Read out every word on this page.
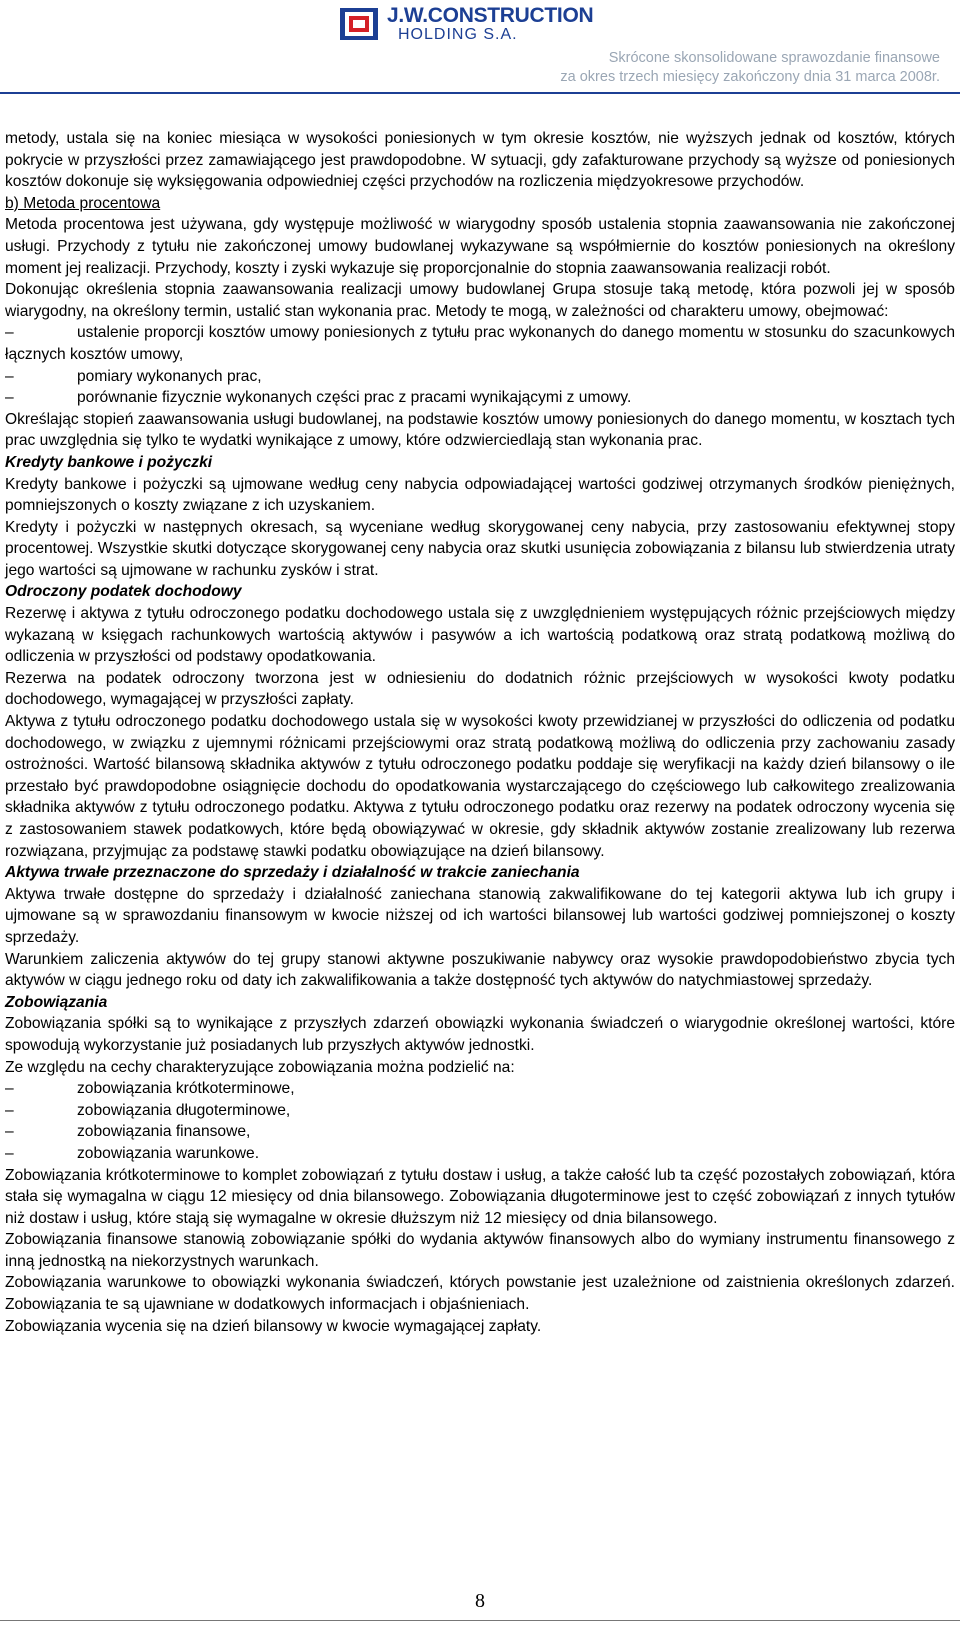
J.W.CONSTRUCTION
HOLDING S.A.
Skrócone skonsolidowane sprawozdanie finansowe
za okres trzech miesięcy zakończony dnia 31 marca 2008r.

metody, ustala się na koniec miesiąca w wysokości poniesionych w tym okresie kosztów, nie wyższych jednak od kosztów, których pokrycie w przyszłości przez zamawiającego jest prawdopodobne. W sytuacji, gdy zafakturowane przychody są wyższe od poniesionych kosztów dokonuje się wyksięgowania odpowiedniej części przychodów na rozliczenia międzyokresowe przychodów.

b) Metoda procentowa

Metoda procentowa jest używana, gdy występuje możliwość w wiarygodny sposób ustalenia stopnia zaawansowania nie zakończonej usługi. Przychody z tytułu nie zakończonej umowy budowlanej wykazywane są współmiernie do kosztów poniesionych na określony moment jej realizacji. Przychody, koszty i zyski wykazuje się proporcjonalnie do stopnia zaawansowania realizacji robót.

Dokonując określenia stopnia zaawansowania realizacji umowy budowlanej Grupa stosuje taką metodę, która pozwoli jej w sposób wiarygodny, na określony termin, ustalić stan wykonania prac. Metody te mogą, w zależności od charakteru umowy, obejmować:

–	ustalenie proporcji kosztów umowy poniesionych z tytułu prac wykonanych do danego momentu w stosunku do szacunkowych łącznych kosztów umowy,
–	pomiary wykonanych prac,
–	porównanie fizycznie wykonanych części prac z pracami wynikającymi z umowy.

Określając stopień zaawansowania usługi budowlanej, na podstawie kosztów umowy poniesionych do danego momentu, w kosztach tych prac uwzględnia się tylko te wydatki wynikające z umowy, które odzwierciedlają stan wykonania prac.

Kredyty bankowe i pożyczki

Kredyty bankowe i pożyczki są ujmowane według ceny nabycia odpowiadającej wartości godziwej otrzymanych środków pieniężnych, pomniejszonych o koszty związane z ich uzyskaniem.

Kredyty i pożyczki w następnych okresach, są wyceniane według skorygowanej ceny nabycia, przy zastosowaniu efektywnej stopy procentowej. Wszystkie skutki dotyczące skorygowanej ceny nabycia oraz skutki usunięcia zobowiązania z bilansu lub stwierdzenia utraty jego wartości są ujmowane w rachunku zysków i strat.

Odroczony podatek dochodowy

Rezerwę i aktywa z tytułu odroczonego podatku dochodowego ustala się z uwzględnieniem występujących różnic przejściowych między wykazaną w księgach rachunkowych wartością aktywów i pasywów a ich wartością podatkową oraz stratą podatkową możliwą do odliczenia w przyszłości od podstawy opodatkowania.

Rezerwa na podatek odroczony tworzona jest w odniesieniu do dodatnich różnic przejściowych w wysokości kwoty podatku dochodowego, wymagającej w przyszłości zapłaty.

Aktywa z tytułu odroczonego podatku dochodowego ustala się w wysokości kwoty przewidzianej w przyszłości do odliczenia od podatku dochodowego, w związku z ujemnymi różnicami przejściowymi oraz stratą podatkową możliwą do odliczenia przy zachowaniu zasady ostrożności. Wartość bilansową składnika aktywów z tytułu odroczonego podatku poddaje się weryfikacji na każdy dzień bilansowy o ile przestało być prawdopodobne osiągnięcie dochodu do opodatkowania wystarczającego do częściowego lub całkowitego zrealizowania składnika aktywów z tytułu odroczonego podatku. Aktywa z tytułu odroczonego podatku oraz rezerwy na podatek odroczony wycenia się z zastosowaniem stawek podatkowych, które będą obowiązywać w okresie, gdy składnik aktywów zostanie zrealizowany lub rezerwa rozwiązana, przyjmując za podstawę stawki podatku obowiązujące na dzień bilansowy.

Aktywa trwałe przeznaczone do sprzedaży i działalność w trakcie zaniechania

Aktywa trwałe dostępne do sprzedaży i działalność zaniechana stanowią zakwalifikowane do tej kategorii aktywa lub ich grupy i ujmowane są w sprawozdaniu finansowym w kwocie niższej od ich wartości bilansowej lub wartości godziwej pomniejszonej o koszty sprzedaży.

Warunkiem zaliczenia aktywów do tej grupy stanowi aktywne poszukiwanie nabywcy oraz wysokie prawdopodobieństwo zbycia tych aktywów w ciągu jednego roku od daty ich zakwalifikowania a także dostępność tych aktywów do natychmiastowej sprzedaży.

Zobowiązania

Zobowiązania spółki są to wynikające z przyszłych zdarzeń obowiązki wykonania świadczeń o wiarygodnie określonej wartości, które spowodują wykorzystanie już posiadanych lub przyszłych aktywów jednostki.

Ze względu na cechy charakteryzujące zobowiązania można podzielić na:

–	zobowiązania krótkoterminowe,
–	zobowiązania długoterminowe,
–	zobowiązania finansowe,
–	zobowiązania warunkowe.

Zobowiązania krótkoterminowe to komplet zobowiązań z tytułu dostaw i usług, a także całość lub ta część pozostałych zobowiązań, która stała się wymagalna w ciągu 12 miesięcy od dnia bilansowego. Zobowiązania długoterminowe jest to część zobowiązań z innych tytułów niż dostaw i usług, które stają się wymagalne w okresie dłuższym niż 12 miesięcy od dnia bilansowego.

Zobowiązania finansowe stanowią zobowiązanie spółki do wydania aktywów finansowych albo do wymiany instrumentu finansowego z inną jednostką na niekorzystnych warunkach.

Zobowiązania warunkowe to obowiązki wykonania świadczeń, których powstanie jest uzależnione od zaistnienia określonych zdarzeń. Zobowiązania te są ujawniane w dodatkowych informacjach i objaśnieniach.

Zobowiązania wycenia się na dzień bilansowy w kwocie wymagającej zapłaty.

8
